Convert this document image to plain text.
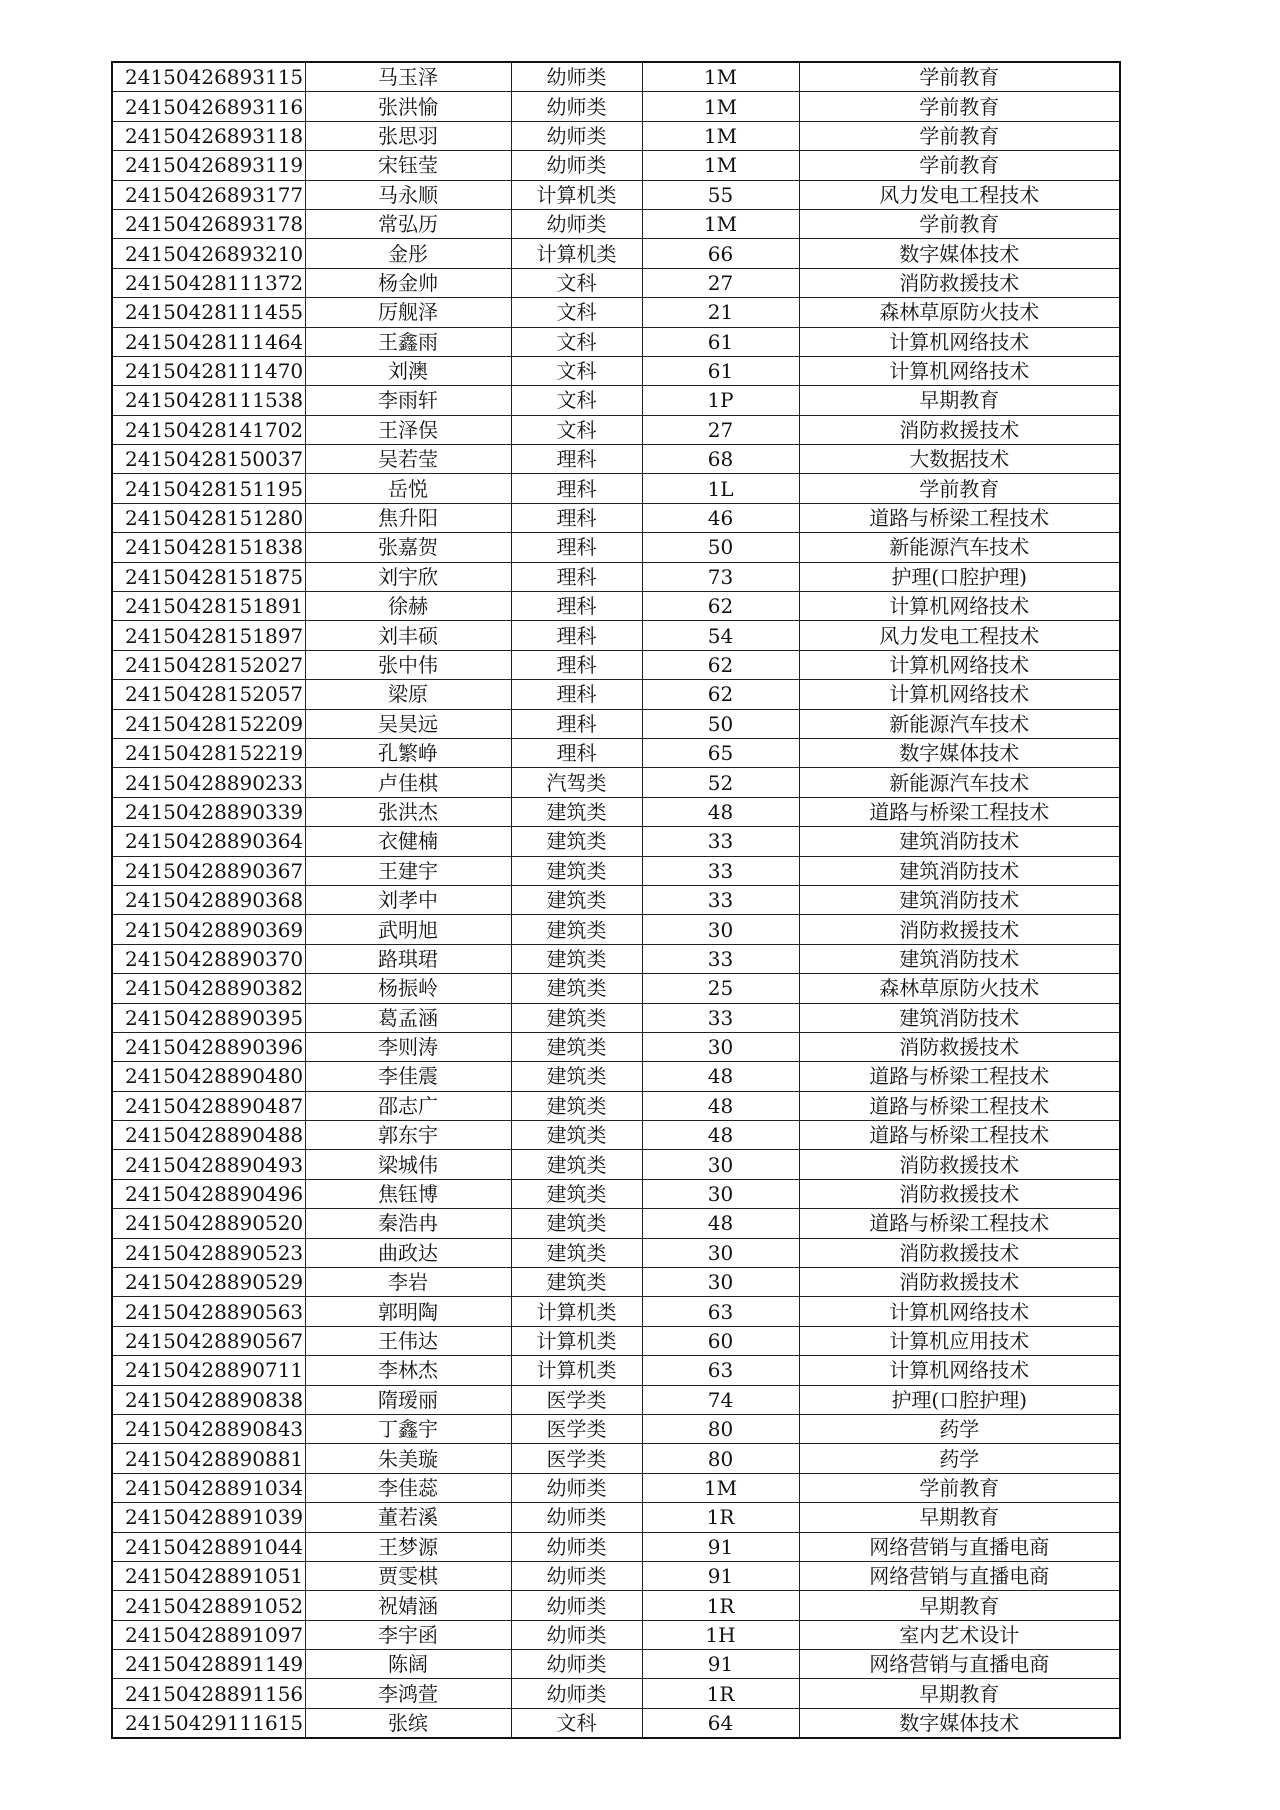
24150426893115	马玉泽	幼师类	1M	学前教育
24150426893116	张洪愉	幼师类	1M	学前教育
24150426893118	张思羽	幼师类	1M	学前教育
24150426893119	宋钰莹	幼师类	1M	学前教育
24150426893177	马永顺	计算机类	55	风力发电工程技术
24150426893178	常弘历	幼师类	1M	学前教育
24150426893210	金彤	计算机类	66	数字媒体技术
24150428111372	杨金帅	文科	27	消防救援技术
24150428111455	厉舰泽	文科	21	森林草原防火技术
24150428111464	王鑫雨	文科	61	计算机网络技术
24150428111470	刘澳	文科	61	计算机网络技术
24150428111538	李雨轩	文科	1P	早期教育
24150428141702	王泽俣	文科	27	消防救援技术
24150428150037	吴若莹	理科	68	大数据技术
24150428151195	岳悦	理科	1L	学前教育
24150428151280	焦升阳	理科	46	道路与桥梁工程技术
24150428151838	张嘉贺	理科	50	新能源汽车技术
24150428151875	刘宇欣	理科	73	护理(口腔护理)
24150428151891	徐赫	理科	62	计算机网络技术
24150428151897	刘丰硕	理科	54	风力发电工程技术
24150428152027	张中伟	理科	62	计算机网络技术
24150428152057	梁原	理科	62	计算机网络技术
24150428152209	吴昊远	理科	50	新能源汽车技术
24150428152219	孔繁峥	理科	65	数字媒体技术
24150428890233	卢佳棋	汽驾类	52	新能源汽车技术
24150428890339	张洪杰	建筑类	48	道路与桥梁工程技术
24150428890364	衣健楠	建筑类	33	建筑消防技术
24150428890367	王建宇	建筑类	33	建筑消防技术
24150428890368	刘孝中	建筑类	33	建筑消防技术
24150428890369	武明旭	建筑类	30	消防救援技术
24150428890370	路琪珺	建筑类	33	建筑消防技术
24150428890382	杨振岭	建筑类	25	森林草原防火技术
24150428890395	葛孟涵	建筑类	33	建筑消防技术
24150428890396	李则涛	建筑类	30	消防救援技术
24150428890480	李佳震	建筑类	48	道路与桥梁工程技术
24150428890487	邵志广	建筑类	48	道路与桥梁工程技术
24150428890488	郭东宇	建筑类	48	道路与桥梁工程技术
24150428890493	梁城伟	建筑类	30	消防救援技术
24150428890496	焦钰博	建筑类	30	消防救援技术
24150428890520	秦浩冉	建筑类	48	道路与桥梁工程技术
24150428890523	曲政达	建筑类	30	消防救援技术
24150428890529	李岩	建筑类	30	消防救援技术
24150428890563	郭明陶	计算机类	63	计算机网络技术
24150428890567	王伟达	计算机类	60	计算机应用技术
24150428890711	李林杰	计算机类	63	计算机网络技术
24150428890838	隋瑷丽	医学类	74	护理(口腔护理)
24150428890843	丁鑫宇	医学类	80	药学
24150428890881	朱美璇	医学类	80	药学
24150428891034	李佳蕊	幼师类	1M	学前教育
24150428891039	董若溪	幼师类	1R	早期教育
24150428891044	王梦源	幼师类	91	网络营销与直播电商
24150428891051	贾雯棋	幼师类	91	网络营销与直播电商
24150428891052	祝婧涵	幼师类	1R	早期教育
24150428891097	李宇函	幼师类	1H	室内艺术设计
24150428891149	陈阔	幼师类	91	网络营销与直播电商
24150428891156	李鸿萱	幼师类	1R	早期教育
24150429111615	张缤	文科	64	数字媒体技术
